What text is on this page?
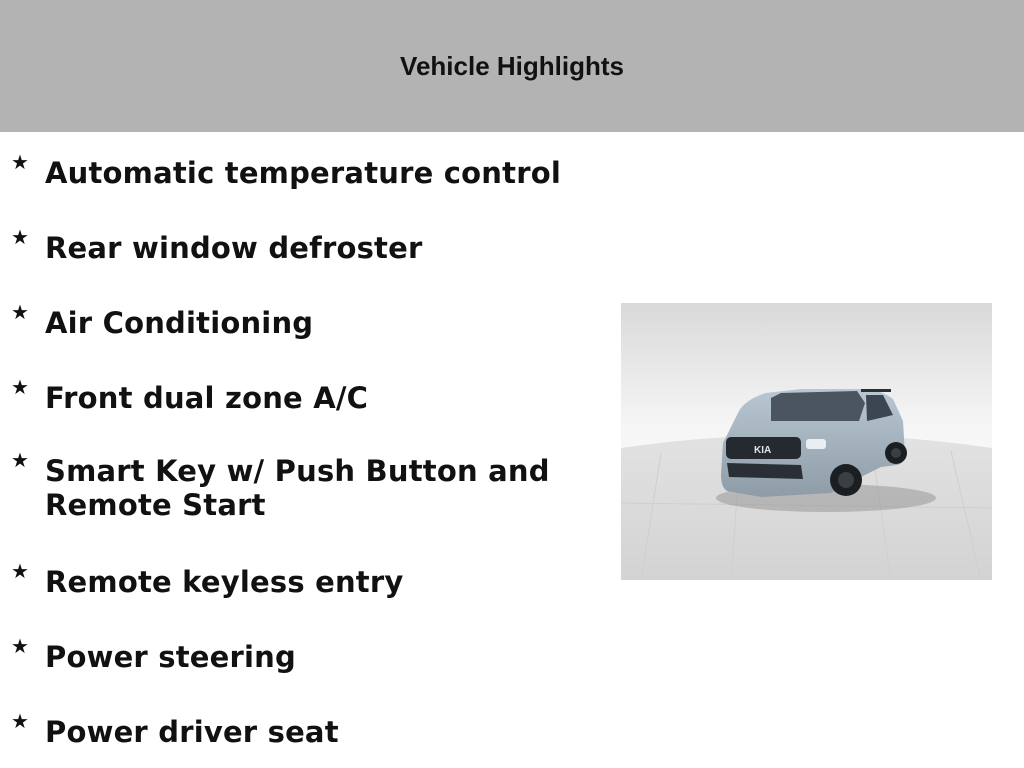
Vehicle Highlights
★ Automatic temperature control
★ Rear window defroster
★ Air Conditioning
★ Front dual zone A/C
★ Smart Key w/ Push Button and Remote Start
★ Remote keyless entry
★ Power steering
★ Power driver seat
KIA
